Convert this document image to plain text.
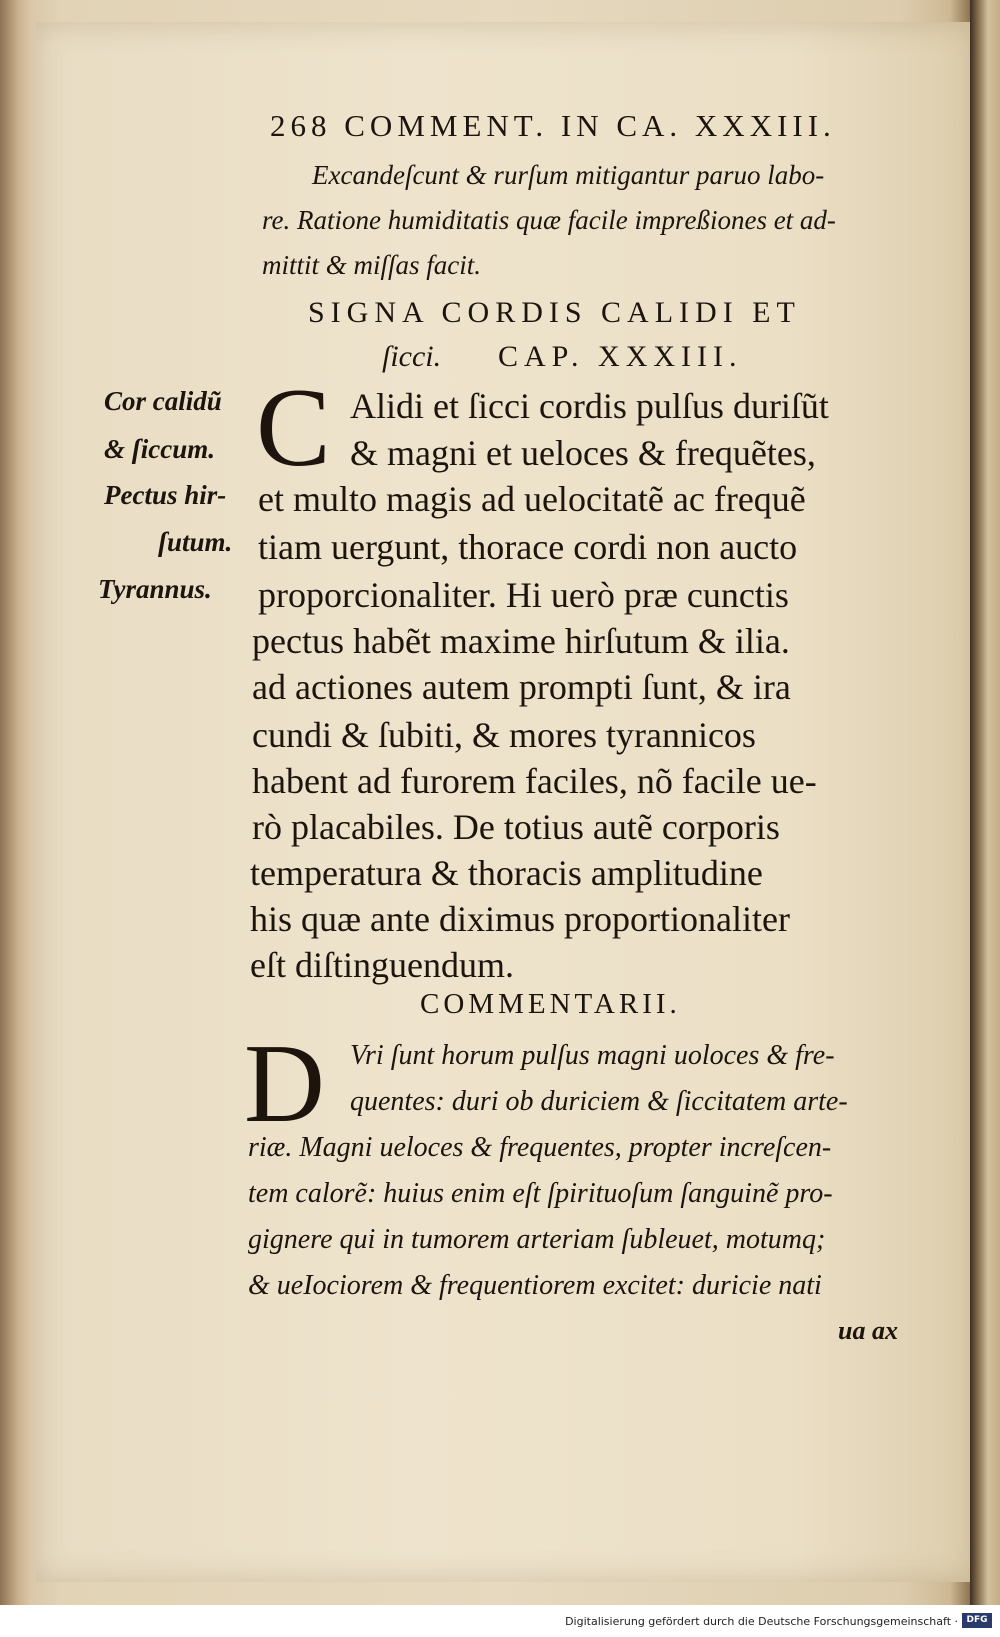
268 COMMENT. IN CA. XXXIII.
Excandeſcunt & rurſum mitigantur paruo labo-
re. Ratione humiditatis quæ facile impreßiones et ad-
mittit & miſſas facit.
SIGNA CORDIS CALIDI ET
ſicci. CAP. XXXIII.
C Alidi et ſicci cordis pulſus duriſũt
& magni et ueloces & frequẽtes,
et multo magis ad uelocitatẽ ac frequẽ
tiam uergunt, thorace cordi non aucto
proporcionaliter. Hi uerò præ cunctis
pectus habẽt maxime hirſutum & ilia.
ad actiones autem prompti ſunt, & ira
cundi & ſubiti, & mores tyrannicos
habent ad furorem faciles, nõ facile ue-
rò placabiles. De totius autẽ corporis
temperatura & thoracis amplitudine
his quæ ante diximus proportionaliter
eſt diſtinguendum.
Cor calidũ
& ſiccum.
Pectus hir-
ſutum.
Tyrannus.
COMMENTARII.
D Vri ſunt horum pulſus magni uoloces & fre-
quentes: duri ob duriciem & ſiccitatem arte-
riæ. Magni ueloces & frequentes, propter increſcen-
tem calorẽ: huius enim eſt ſpirituoſum ſanguinẽ pro-
gignere qui in tumorem arteriam ſubleuet, motumq;
& ueIociorem & frequentiorem excitet: duricie nati
ua ax
Digitalisierung gefördert durch die Deutsche Forschungsgemeinschaft · DFG
